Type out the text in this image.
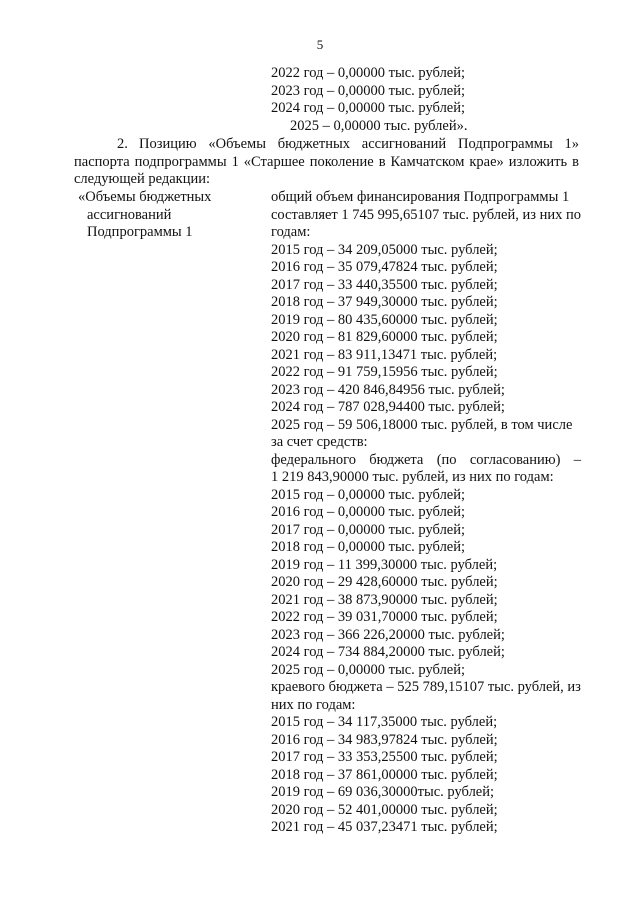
5
2022 год – 0,00000 тыс. рублей;
2023 год – 0,00000 тыс. рублей;
2024 год – 0,00000 тыс. рублей;
2025 – 0,00000 тыс. рублей».
2. Позицию «Объемы бюджетных ассигнований Подпрограммы 1»
паспорта подпрограммы 1 «Старшее поколение в Камчатском крае» изложить в
следующей редакции:
«Объемы бюджетных
ассигнований
Подпрограммы 1
общий объем финансирования Подпрограммы 1
составляет 1 745 995,65107 тыс. рублей, из них по
годам:
2015 год – 34 209,05000 тыс. рублей;
2016 год – 35 079,47824 тыс. рублей;
2017 год – 33 440,35500 тыс. рублей;
2018 год – 37 949,30000 тыс. рублей;
2019 год – 80 435,60000 тыс. рублей;
2020 год – 81 829,60000 тыс. рублей;
2021 год – 83 911,13471 тыс. рублей;
2022 год – 91 759,15956 тыс. рублей;
2023 год – 420 846,84956 тыс. рублей;
2024 год – 787 028,94400 тыс. рублей;
2025 год – 59 506,18000 тыс. рублей, в том числе
за счет средств:
федерального бюджета (по согласованию) –
1 219 843,90000 тыс. рублей, из них по годам:
2015 год – 0,00000 тыс. рублей;
2016 год – 0,00000 тыс. рублей;
2017 год – 0,00000 тыс. рублей;
2018 год – 0,00000 тыс. рублей;
2019 год – 11 399,30000 тыс. рублей;
2020 год – 29 428,60000 тыс. рублей;
2021 год – 38 873,90000 тыс. рублей;
2022 год – 39 031,70000 тыс. рублей;
2023 год – 366 226,20000 тыс. рублей;
2024 год – 734 884,20000 тыс. рублей;
2025 год – 0,00000 тыс. рублей;
краевого бюджета – 525 789,15107 тыс. рублей, из
них по годам:
2015 год – 34 117,35000 тыс. рублей;
2016 год – 34 983,97824 тыс. рублей;
2017 год – 33 353,25500 тыс. рублей;
2018 год – 37 861,00000 тыс. рублей;
2019 год – 69 036,30000тыс. рублей;
2020 год – 52 401,00000 тыс. рублей;
2021 год – 45 037,23471 тыс. рублей;
